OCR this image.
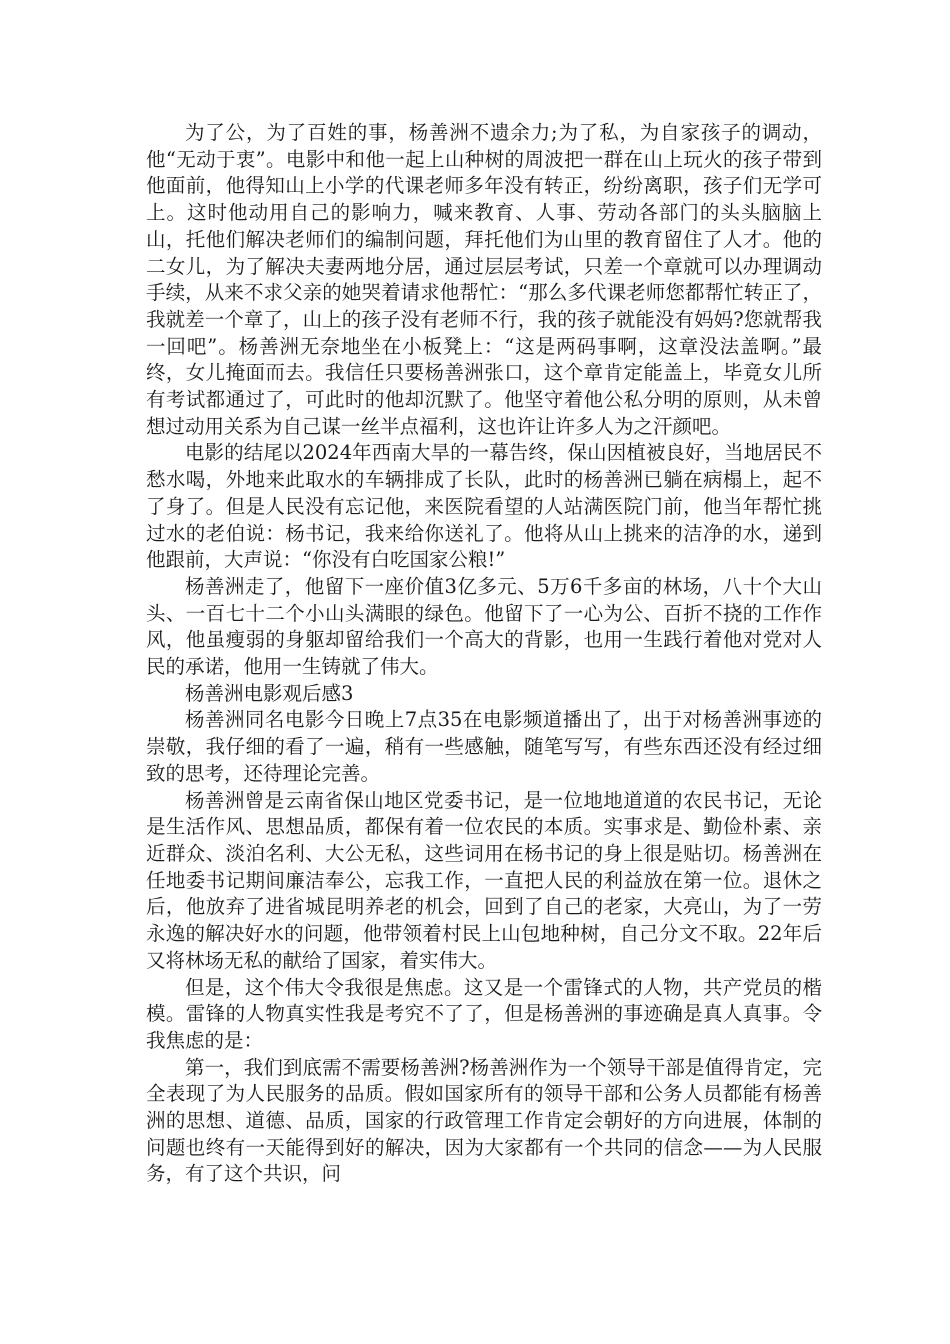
为了公，为了百姓的事，杨善洲不遗余力;为了私，为自家孩子的调动，他“无动于衷”。电影中和他一起上山种树的周波把一群在山上玩火的孩子带到他面前，他得知山上小学的代课老师多年没有转正，纷纷离职，孩子们无学可上。这时他动用自己的影响力，喊来教育、人事、劳动各部门的头头脑脑上山，托他们解决老师们的编制问题，拜托他们为山里的教育留住了人才。他的二女儿，为了解决夫妻两地分居，通过层层考试，只差一个章就可以办理调动手续，从来不求父亲的她哭着请求他帮忙：“那么多代课老师您都帮忙转正了，我就差一个章了，山上的孩子没有老师不行，我的孩子就能没有妈妈?您就帮我一回吧”。杨善洲无奈地坐在小板凳上：“这是两码事啊，这章没法盖啊。”最终，女儿掩面而去。我信任只要杨善洲张口，这个章肯定能盖上，毕竟女儿所有考试都通过了，可此时的他却沉默了。他坚守着他公私分明的原则，从未曾想过动用关系为自己谋一丝半点福利，这也许让许多人为之汗颜吧。

电影的结尾以2024年西南大旱的一幕告终，保山因植被良好，当地居民不愁水喝，外地来此取水的车辆排成了长队，此时的杨善洲已躺在病榻上，起不了身了。但是人民没有忘记他，来医院看望的人站满医院门前，他当年帮忙挑过水的老伯说：杨书记，我来给你送礼了。他将从山上挑来的洁净的水，递到他跟前，大声说：“你没有白吃国家公粮!”

杨善洲走了，他留下一座价值3亿多元、5万6千多亩的林场，八十个大山头、一百七十二个小山头满眼的绿色。他留下了一心为公、百折不挠的工作作风，他虽瘦弱的身躯却留给我们一个高大的背影，也用一生践行着他对党对人民的承诺，他用一生铸就了伟大。

杨善洲电影观后感3

杨善洲同名电影今日晚上7点35在电影频道播出了，出于对杨善洲事迹的崇敬，我仔细的看了一遍，稍有一些感触，随笔写写，有些东西还没有经过细致的思考，还待理论完善。

杨善洲曾是云南省保山地区党委书记，是一位地地道道的农民书记，无论是生活作风、思想品质，都保有着一位农民的本质。实事求是、勤俭朴素、亲近群众、淡泊名利、大公无私，这些词用在杨书记的身上很是贴切。杨善洲在任地委书记期间廉洁奉公，忘我工作，一直把人民的利益放在第一位。退休之后，他放弃了进省城昆明养老的机会，回到了自己的老家，大亮山，为了一劳永逸的解决好水的问题，他带领着村民上山包地种树，自己分文不取。22年后又将林场无私的献给了国家，着实伟大。

但是，这个伟大令我很是焦虑。这又是一个雷锋式的人物，共产党员的楷模。雷锋的人物真实性我是考究不了了，但是杨善洲的事迹确是真人真事。令我焦虑的是：

第一，我们到底需不需要杨善洲?杨善洲作为一个领导干部是值得肯定，完全表现了为人民服务的品质。假如国家所有的领导干部和公务人员都能有杨善洲的思想、道德、品质，国家的行政管理工作肯定会朝好的方向进展，体制的问题也终有一天能得到好的解决，因为大家都有一个共同的信念——为人民服务，有了这个共识，问
